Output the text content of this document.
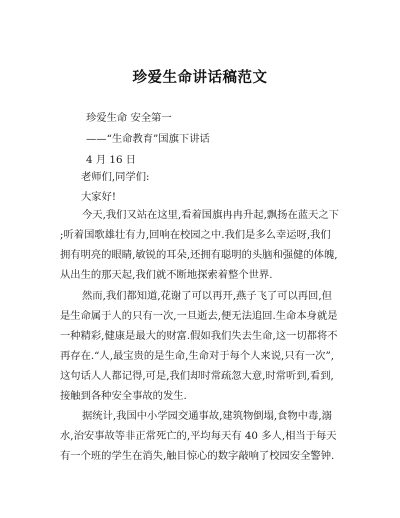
珍爱生命讲话稿范文
珍爱生命 安全第一
——“生命教育”国旗下讲话
4 月 16 日
老师们,同学们:
大家好!
今天,我们又站在这里,看着国旗冉冉升起,飘扬在蓝天之下
;听着国歌雄壮有力,回响在校园之中.我们是多么幸运呀,我们
拥有明亮的眼睛,敏锐的耳朵,还拥有聪明的头脑和强健的体魄,
从出生的那天起,我们就不断地探索着整个世界.
然而,我们都知道,花谢了可以再开,燕子飞了可以再回,但
是生命属于人的只有一次,一旦逝去,便无法追回.生命本身就是
一种精彩,健康是最大的财富.假如我们失去生命,这一切都将不
再存在.“人,最宝贵的是生命,生命对于每个人来说,只有一次”,
这句话人人都记得,可是,我们却时常疏忽大意,时常听到,看到,
接触到各种安全事故的发生.
据统计,我国中小学园交通事故,建筑物倒塌,食物中毒,溺
水,治安事故等非正常死亡的,平均每天有 40 多人,相当于每天
有一个班的学生在消失,触目惊心的数字敲响了校园安全警钟.
